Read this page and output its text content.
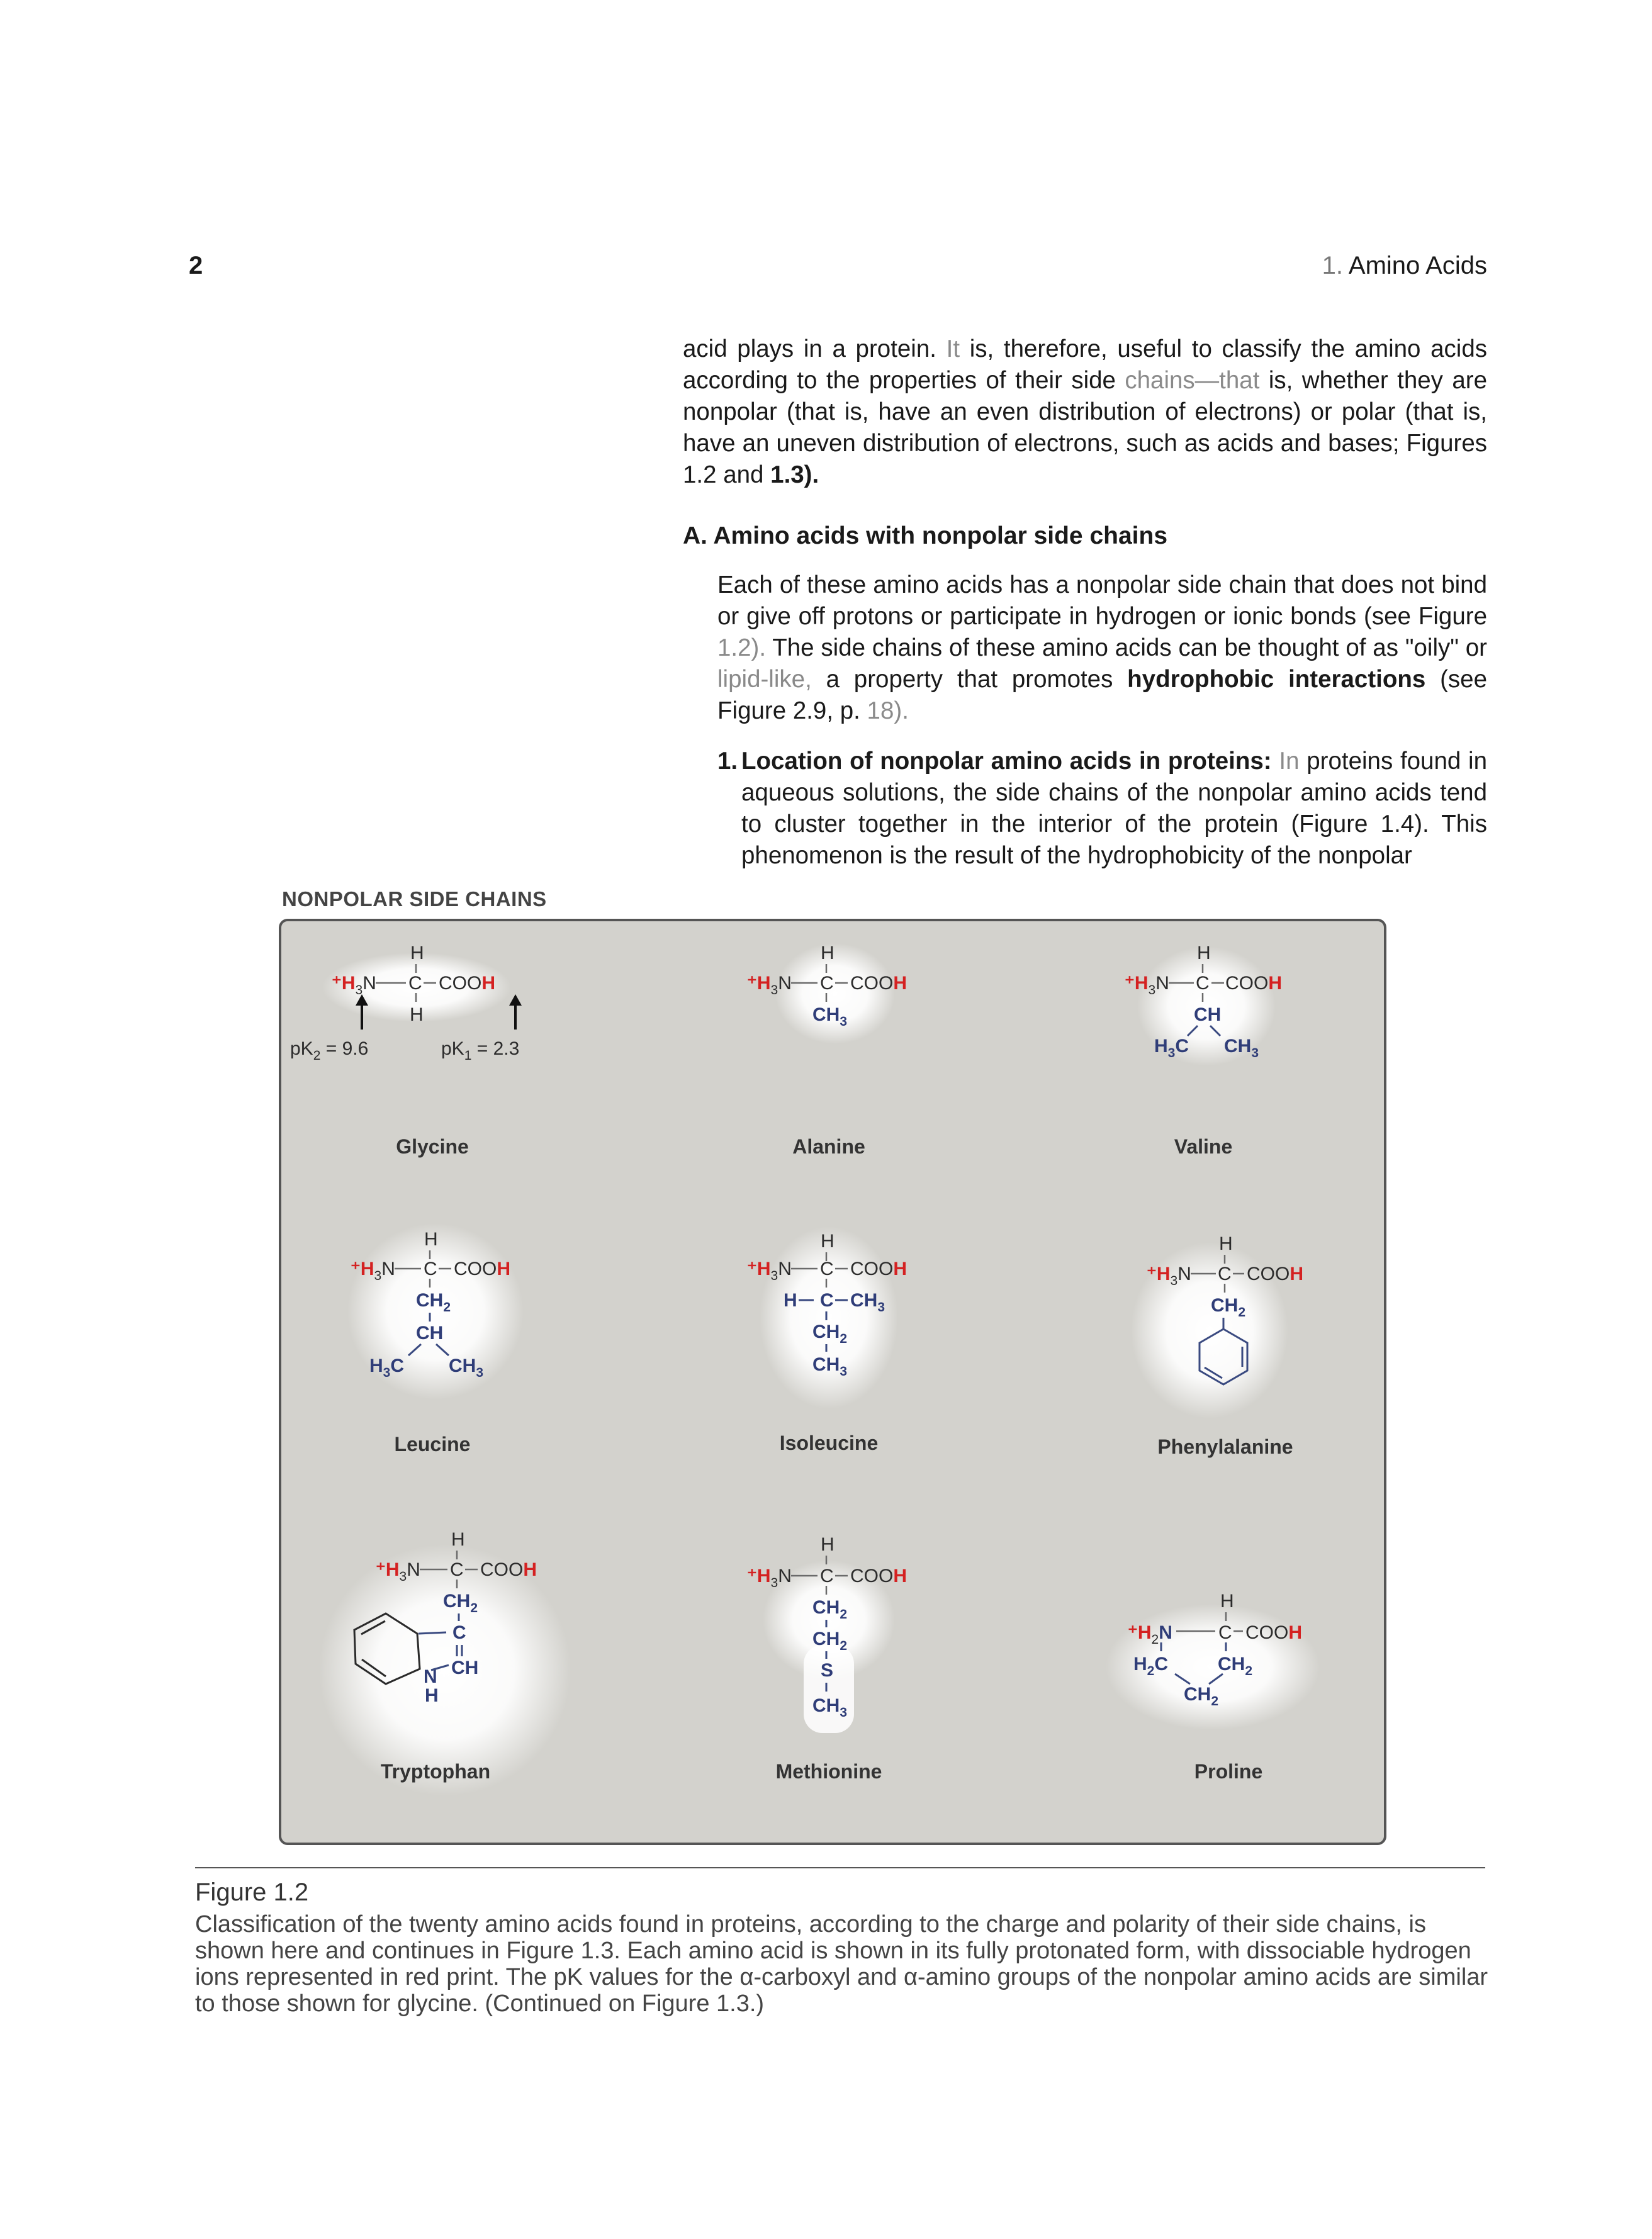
2	1. Amino Acids

acid plays in a protein. It is, therefore, useful to classify the amino acids according to the properties of their side chains—that is, whether they are nonpolar (that is, have an even distribution of electrons) or polar (that is, have an uneven distribution of electrons, such as acids and bases; Figures 1.2 and 1.3).

A. Amino acids with nonpolar side chains

Each of these amino acids has a nonpolar side chain that does not bind or give off protons or participate in hydrogen or ionic bonds (see Figure 1.2). The side chains of these amino acids can be thought of as "oily" or lipid-like, a property that promotes hydrophobic interactions (see Figure 2.9, p. 18).

1. Location of nonpolar amino acids in proteins: In proteins found in aqueous solutions, the side chains of the nonpolar amino acids tend to cluster together in the interior of the protein (Figure 1.4). This phenomenon is the result of the hydrophobicity of the nonpolar

NONPOLAR SIDE CHAINS
H
$^+H_3N$ C COOH
H
$pK_2 = 9.6$	$pK_1 = 2.3$
Glycine
H
$^+H_3N$ C COOH
$CH_3$
Alanine
H
$^+H_3N$ C COOH
CH
$H_3C$ $CH_3$
Valine
H
$^+H_3N$ C COOH
$CH_2$
CH
$H_3C$ $CH_3$
Leucine
H
$^+H_3N$ C COOH
H C $CH_3$
$CH_2$
$CH_3$
Isoleucine
H
$^+H_3N$ C COOH
$CH_2$
Phenylalanine
H
$^+H_3N$ C COOH
$CH_2$
C
CH
N
H
Tryptophan
H
$^+H_3N$ C COOH
$CH_2$
$CH_2$
S
$CH_3$
Methionine
H
$^+H_2N$ C COOH
$H_2C$	$CH_2$
$CH_2$
Proline
Figure 1.2
Classification of the twenty amino acids found in proteins, according to the charge and polarity of their side chains, is shown here and continues in Figure 1.3. Each amino acid is shown in its fully protonated form, with dissociable hydrogen ions represented in red print. The pK values for the α-carboxyl and α-amino groups of the nonpolar amino acids are similar to those shown for glycine. (Continued on Figure 1.3.)
